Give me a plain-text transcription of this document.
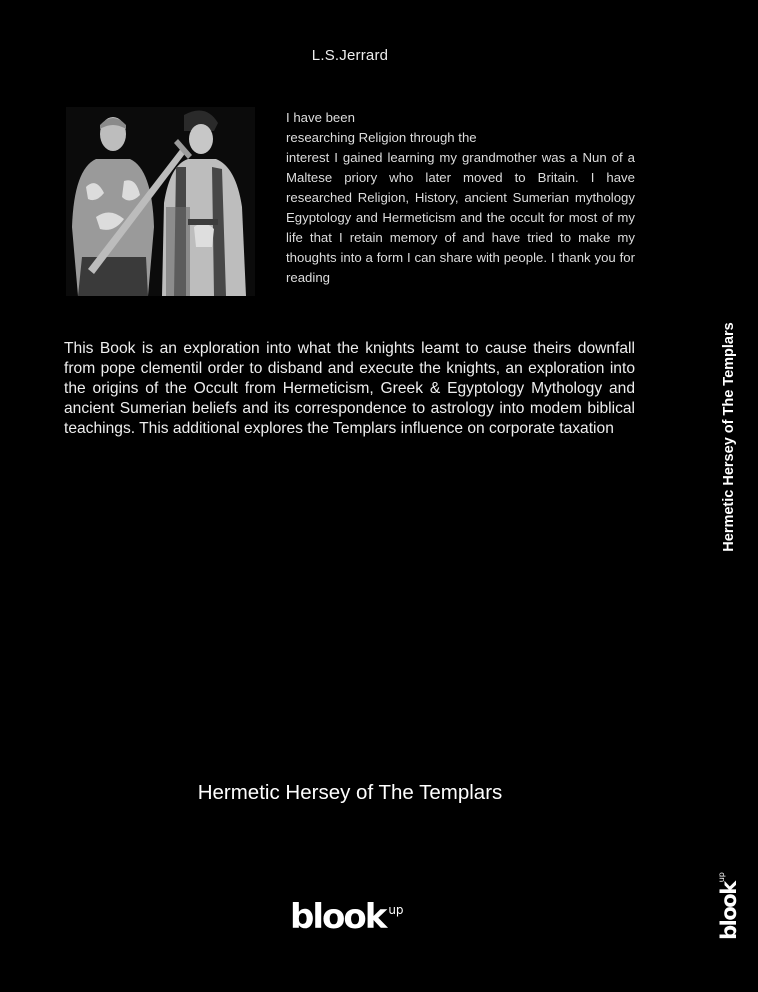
L.S.Jerrard
I have been
researching Religion through the
interest I gained learning my grandmother was a Nun of a Maltese priory who later moved to Britain. I have researched Religion, History, ancient Sumerian mythology Egyptology and Hermeticism and the occult for most of my life that I retain memory of and have tried to make my thoughts into a form I can share with people. I thank you for reading
This Book is an exploration into what the knights leamt to cause theirs downfall from pope clementil order to disband and execute the knights, an exploration into the origins of the Occult from Hermeticism, Greek & Egyptology Mythology and ancient Sumerian beliefs and its correspondence to astrology into modem biblical teachings. This additional explores the Templars influence on corporate taxation
Hermetic Hersey of The Templars
blook $^{up}$
Hermetic Hersey of The Templars
blook$^{up}$
